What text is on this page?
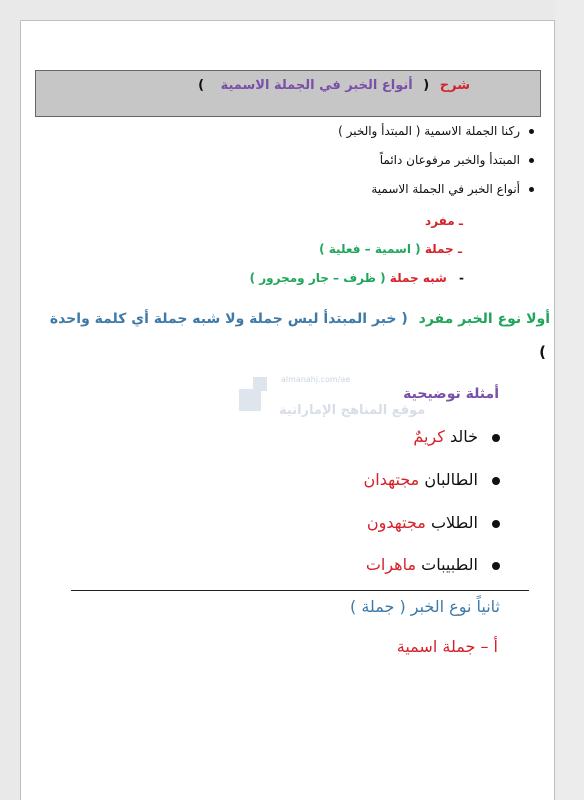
شرح ( أنواع الخبر في الجملة الاسمية )
ركنا الجملة الاسمية ( المبتدأ والخبر )
المبتدأ والخبر مرفوعان دائماً
أنواع الخبر في الجملة الاسمية
ـ مفرد
ـ جملة ( اسمية – فعلية )
- شبه جملة ( ظرف – جار ومجرور )
أولا نوع الخبر مفرد ( خبر المبتدأ ليس جملة ولا شبه جملة أي كلمة واحدة
)
almanahj.com/ae
موقع المناهج الإماراتية
أمثلة توضيحية
خالد كريمٌ
الطالبان مجتهدان
الطلاب مجتهدون
الطبيبات ماهرات
ثانياً نوع الخبر ( جملة )
أ – جملة اسمية
